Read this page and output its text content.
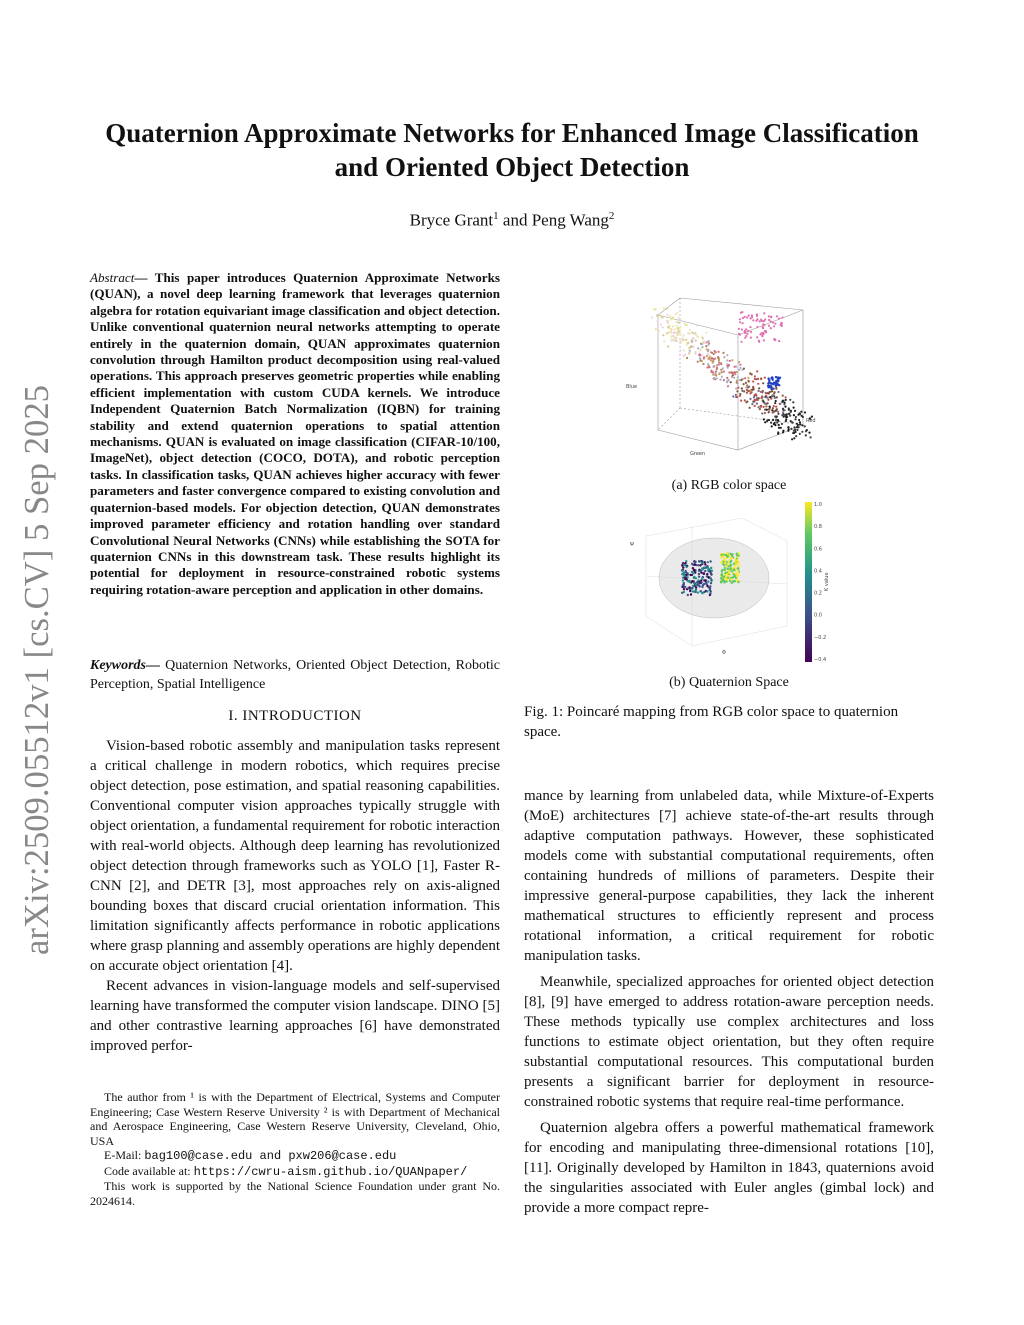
Quaternion Approximate Networks for Enhanced Image Classification
and Oriented Object Detection
Bryce Grant$^1$ and Peng Wang$^2$
arXiv:2509.05512v1 [cs.CV] 5 Sep 2025
Abstract— This paper introduces Quaternion Approximate Networks (QUAN), a novel deep learning framework that leverages quaternion algebra for rotation equivariant image classification and object detection. Unlike conventional quaternion neural networks attempting to operate entirely in the quaternion domain, QUAN approximates quaternion convolution through Hamilton product decomposition using real-valued operations. This approach preserves geometric properties while enabling efficient implementation with custom CUDA kernels. We introduce Independent Quaternion Batch Normalization (IQBN) for training stability and extend quaternion operations to spatial attention mechanisms. QUAN is evaluated on image classification (CIFAR-10/100, ImageNet), object detection (COCO, DOTA), and robotic perception tasks. In classification tasks, QUAN achieves higher accuracy with fewer parameters and faster convergence compared to existing convolution and quaternion-based models. For objection detection, QUAN demonstrates improved parameter efficiency and rotation handling over standard Convolutional Neural Networks (CNNs) while establishing the SOTA for quaternion CNNs in this downstream task. These results highlight its potential for deployment in resource-constrained robotic systems requiring rotation-aware perception and application in other domains.
Keywords— Quaternion Networks, Oriented Object Detection, Robotic Perception, Spatial Intelligence
I. INTRODUCTION

Vision-based robotic assembly and manipulation tasks represent a critical challenge in modern robotics, which requires precise object detection, pose estimation, and spatial reasoning capabilities. Conventional computer vision approaches typically struggle with object orientation, a fundamental requirement for robotic interaction with real-world objects. Although deep learning has revolutionized object detection through frameworks such as YOLO [1], Faster R-CNN [2], and DETR [3], most approaches rely on axis-aligned bounding boxes that discard crucial orientation information. This limitation significantly affects performance in robotic applications where grasp planning and assembly operations are highly dependent on accurate object orientation [4].

Recent advances in vision-language models and self-supervised learning have transformed the computer vision landscape. DINO [5] and other contrastive learning approaches [6] have demonstrated improved perfor-

The author from ¹ is with the Department of Electrical, Systems and Computer Engineering; Case Western Reserve University ² is with Department of Mechanical and Aerospace Engineering, Case Western Reserve University, Cleveland, Ohio, USA

E-Mail: bag100@case.edu and pxw206@case.edu

Code available at: https://cwru-aism.github.io/QUANpaper/

This work is supported by the National Science Foundation under grant No. 2024614.

Blue
Green
Red
(a) RGB color space
1.0
0.8
0.6
0.4
0.2
0.0
−0.2
−0.4
K value
Ψ
Φ
(b) Quaternion Space
Fig. 1: Poincaré mapping from RGB color space to quaternion space.

mance by learning from unlabeled data, while Mixture-of-Experts (MoE) architectures [7] achieve state-of-the-art results through adaptive computation pathways. However, these sophisticated models come with substantial computational requirements, often containing hundreds of millions of parameters. Despite their impressive general-purpose capabilities, they lack the inherent mathematical structures to efficiently represent and process rotational information, a critical requirement for robotic manipulation tasks.

Meanwhile, specialized approaches for oriented object detection [8], [9] have emerged to address rotation-aware perception needs. These methods typically use complex architectures and loss functions to estimate object orientation, but they often require substantial computational resources. This computational burden presents a significant barrier for deployment in resource-constrained robotic systems that require real-time performance.

Quaternion algebra offers a powerful mathematical framework for encoding and manipulating three-dimensional rotations [10], [11]. Originally developed by Hamilton in 1843, quaternions avoid the singularities associated with Euler angles (gimbal lock) and provide a more compact repre-
